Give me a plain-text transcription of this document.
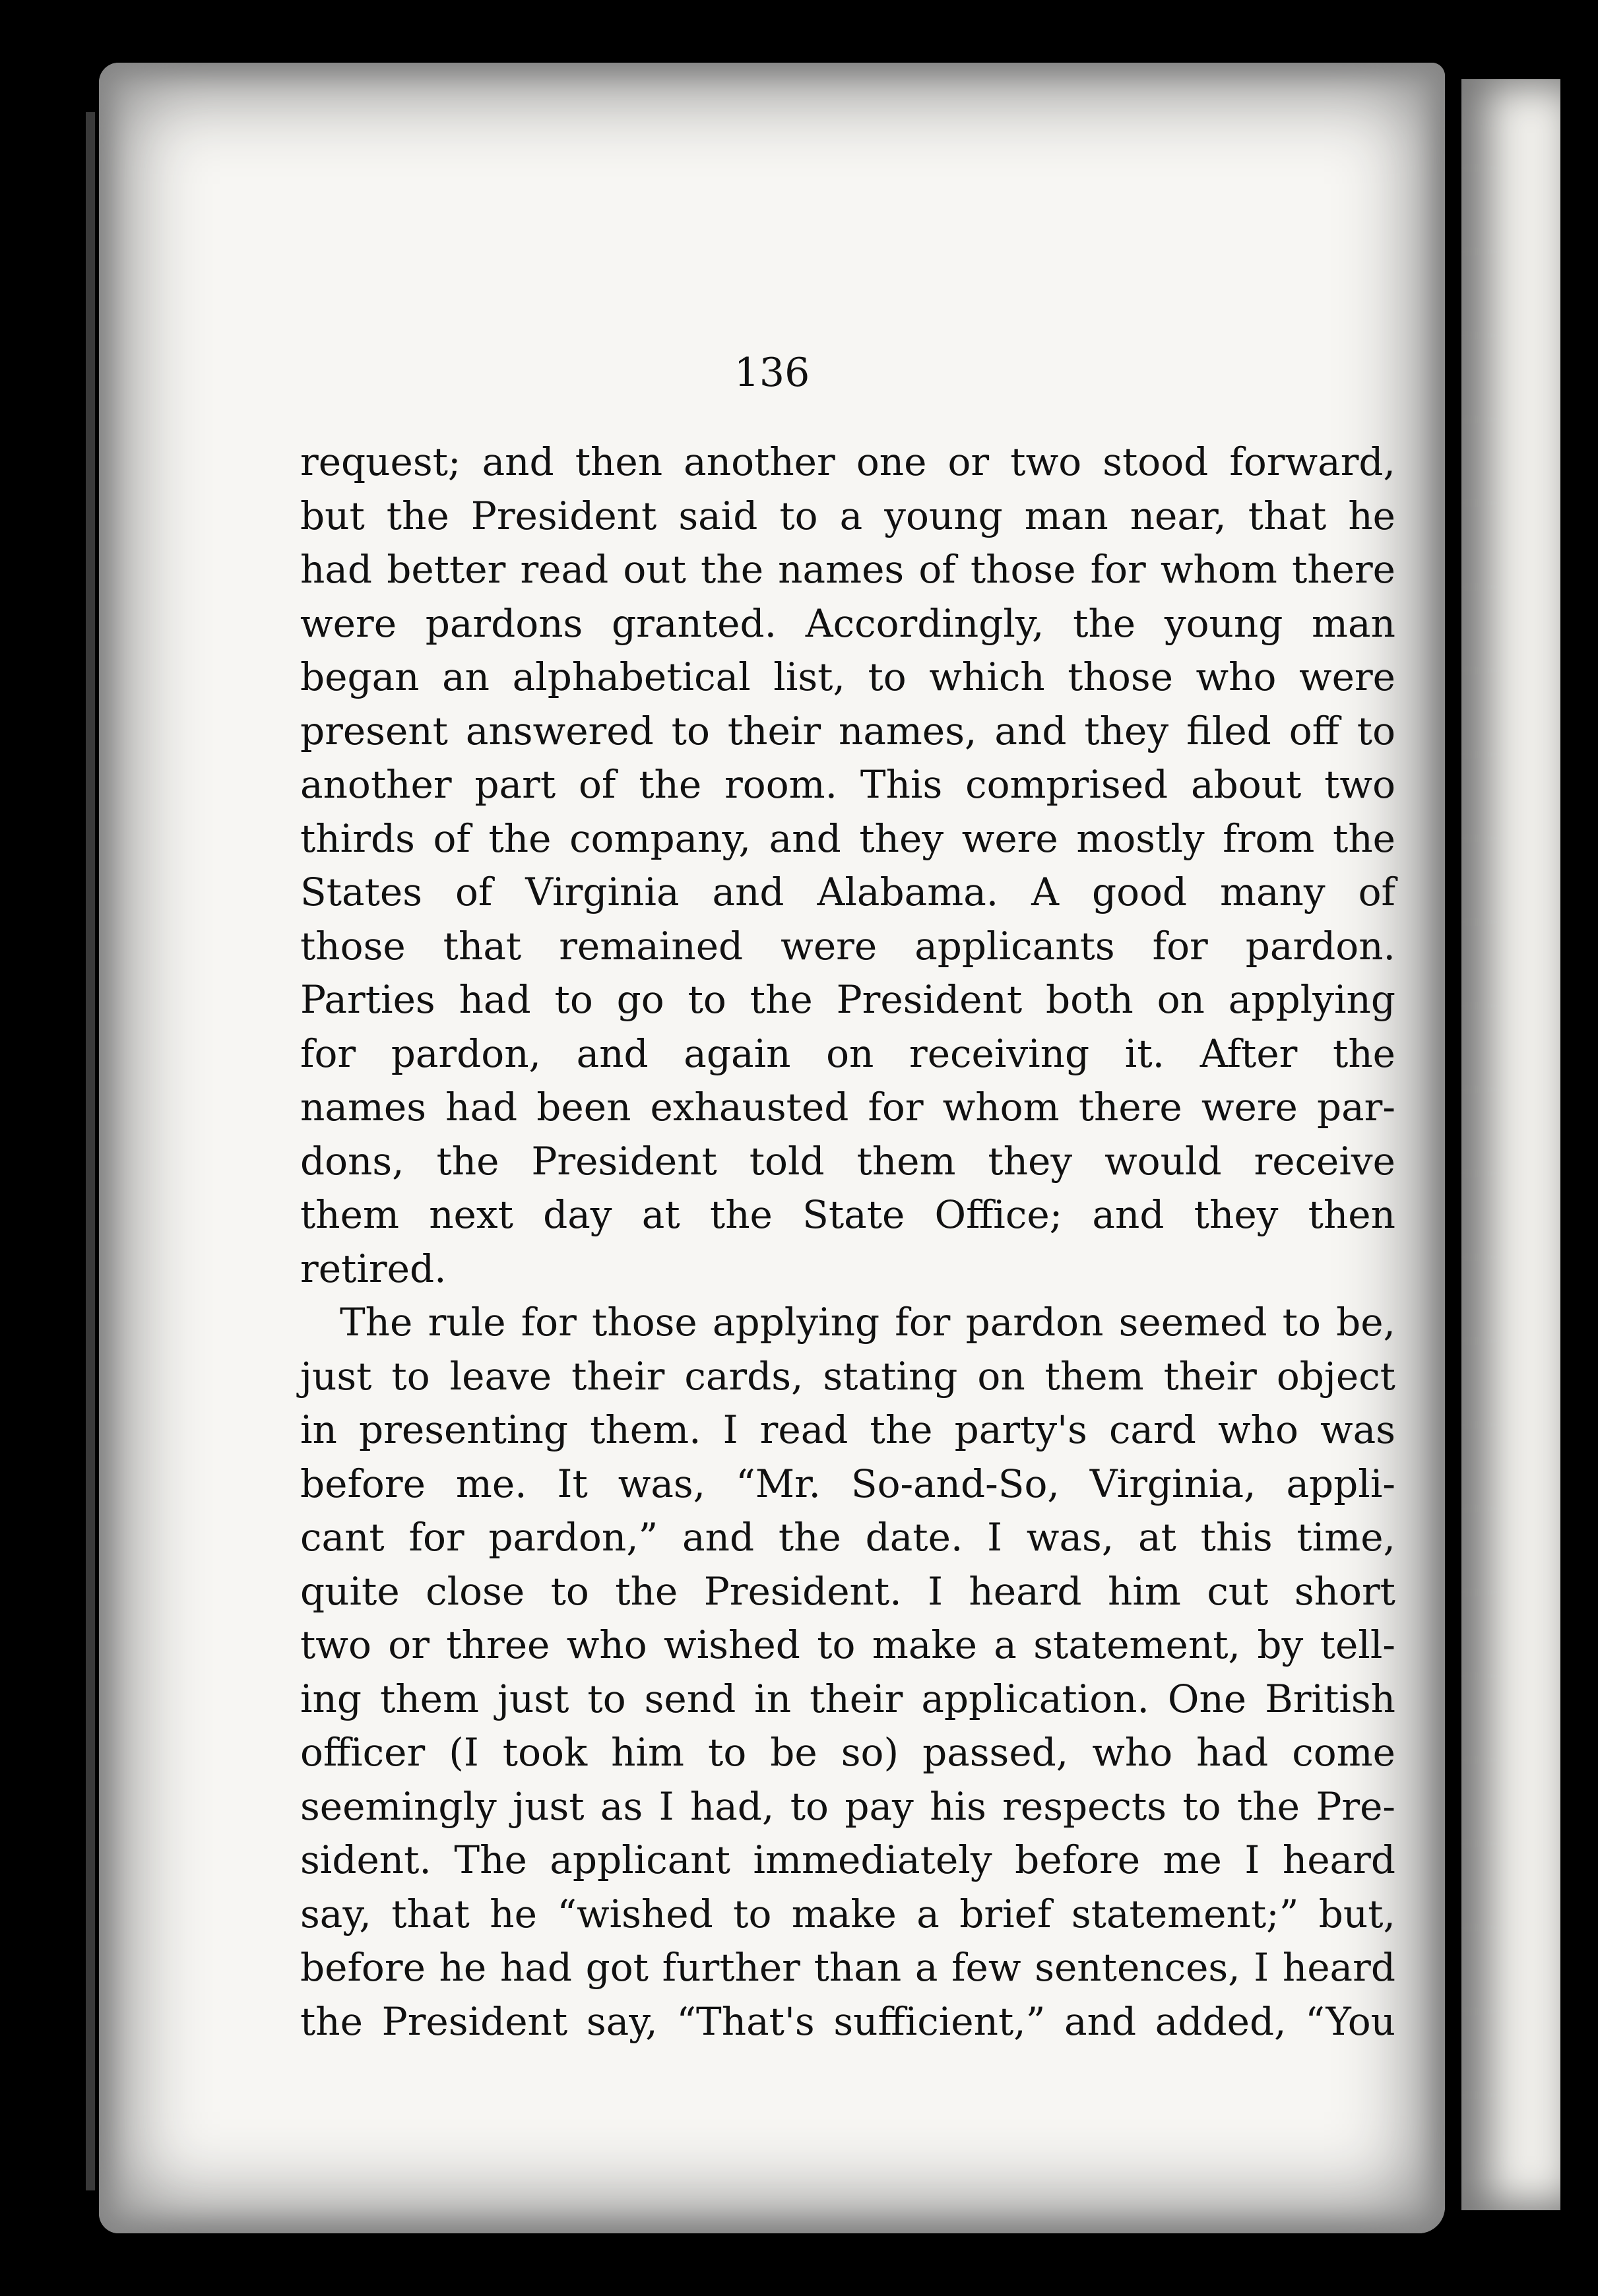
136
request; and then another one or two stood forward,
but the President said to a young man near, that he
had better read out the names of those for whom there
were pardons granted. Accordingly, the young man
began an alphabetical list, to which those who were
present answered to their names, and they filed off to
another part of the room. This comprised about two
thirds of the company, and they were mostly from the
States of Virginia and Alabama. A good many of
those that remained were applicants for pardon.
Parties had to go to the President both on applying
for pardon, and again on receiving it. After the
names had been exhausted for whom there were par-
dons, the President told them they would receive
them next day at the State Office; and they then
retired.
The rule for those applying for pardon seemed to be,
just to leave their cards, stating on them their object
in presenting them. I read the party's card who was
before me. It was, “Mr. So-and-So, Virginia, appli-
cant for pardon,” and the date. I was, at this time,
quite close to the President. I heard him cut short
two or three who wished to make a statement, by tell-
ing them just to send in their application. One British
officer (I took him to be so) passed, who had come
seemingly just as I had, to pay his respects to the Pre-
sident. The applicant immediately before me I heard
say, that he “wished to make a brief statement;” but,
before he had got further than a few sentences, I heard
the President say, “That's sufficient,” and added, “You
